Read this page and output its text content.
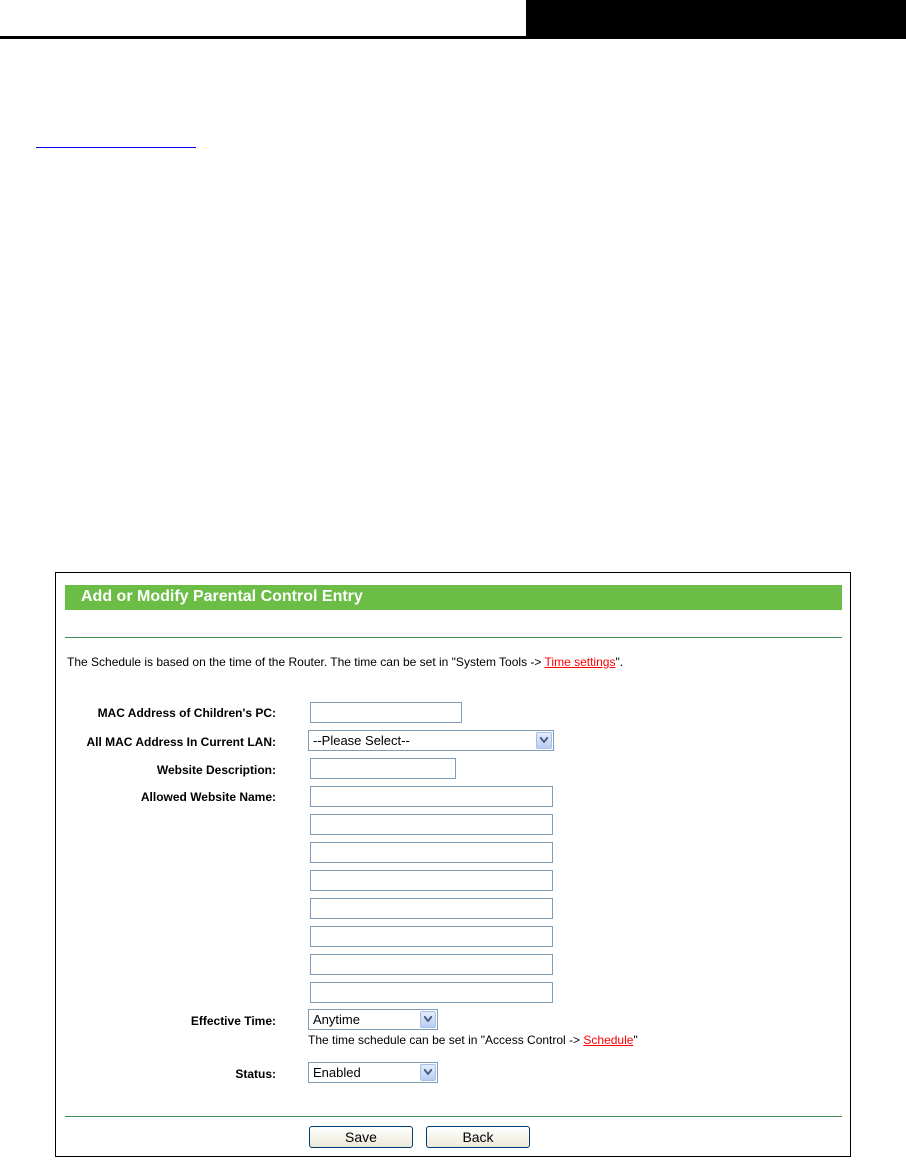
Add or Modify Parental Control Entry
The Schedule is based on the time of the Router. The time can be set in "System Tools -> Time settings".
MAC Address of Children's PC:
All MAC Address In Current LAN:	--Please Select--
Website Description:
Allowed Website Name:
Effective Time:	Anytime
The time schedule can be set in "Access Control -> Schedule"
Status:	Enabled
Save	Back
